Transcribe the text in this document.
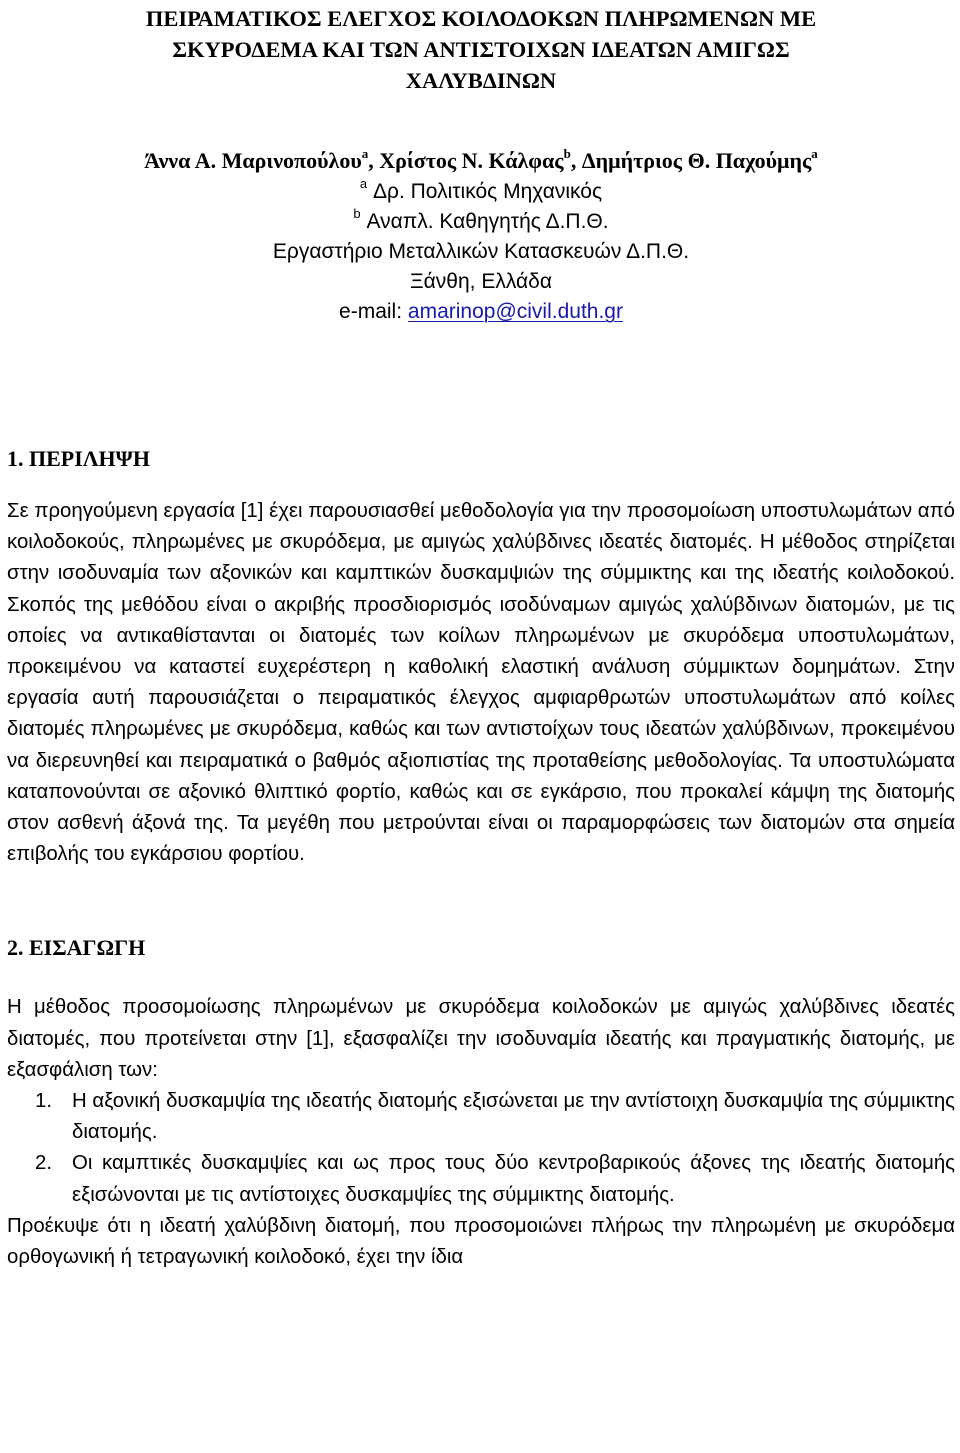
ΠΕΙΡΑΜΑΤΙΚΟΣ ΕΛΕΓΧΟΣ ΚΟΙΛΟΔΟΚΩΝ ΠΛΗΡΩΜΕΝΩΝ ΜΕ
ΣΚΥΡΟΔΕΜΑ ΚΑΙ ΤΩΝ ΑΝΤΙΣΤΟΙΧΩΝ ΙΔΕΑΤΩΝ ΑΜΙΓΩΣ
ΧΑΛΥΒΔΙΝΩΝ
Άννα Α. Μαρινοπούλου$^a$, Χρίστος Ν. Κάλφας$^b$, Δημήτριος Θ. Παχούμης$^a$
$^a$ Δρ. Πολιτικός Μηχανικός
$^b$ Αναπλ. Καθηγητής Δ.Π.Θ.
Εργαστήριο Μεταλλικών Κατασκευών Δ.Π.Θ.
Ξάνθη, Ελλάδα
e-mail: amarinop@civil.duth.gr
1. ΠΕΡΙΛΗΨΗ

Σε προηγούμενη εργασία [1] έχει παρουσιασθεί μεθοδολογία για την προσομοίωση υποστυλωμάτων από κοιλοδοκούς, πληρωμένες με σκυρόδεμα, με αμιγώς χαλύβδινες ιδεατές διατομές. Η μέθοδος στηρίζεται στην ισοδυναμία των αξονικών και καμπτικών δυσκαμψιών της σύμμικτης και της ιδεατής κοιλοδοκού. Σκοπός της μεθόδου είναι ο ακριβής προσδιορισμός ισοδύναμων αμιγώς χαλύβδινων διατομών, με τις οποίες να αντικαθίστανται οι διατομές των κοίλων πληρωμένων με σκυρόδεμα υποστυλωμάτων, προκειμένου να καταστεί ευχερέστερη η καθολική ελαστική ανάλυση σύμμικτων δομημάτων. Στην εργασία αυτή παρουσιάζεται ο πειραματικός έλεγχος αμφιαρθρωτών υποστυλωμάτων από κοίλες διατομές πληρωμένες με σκυρόδεμα, καθώς και των αντιστοίχων τους ιδεατών χαλύβδινων, προκειμένου να διερευνηθεί και πειραματικά ο βαθμός αξιοπιστίας της προταθείσης μεθοδολογίας. Τα υποστυλώματα καταπονούνται σε αξονικό θλιπτικό φορτίο, καθώς και σε εγκάρσιο, που προκαλεί κάμψη της διατομής στον ασθενή άξονά της. Τα μεγέθη που μετρούνται είναι οι παραμορφώσεις των διατομών στα σημεία επιβολής του εγκάρσιου φορτίου.

2. ΕΙΣΑΓΩΓΗ

Η μέθοδος προσομοίωσης πληρωμένων με σκυρόδεμα κοιλοδοκών με αμιγώς χαλύβδινες ιδεατές διατομές, που προτείνεται στην [1], εξασφαλίζει την ισοδυναμία ιδεατής και πραγματικής διατομής, με εξασφάλιση των:

1. Η αξονική δυσκαμψία της ιδεατής διατομής εξισώνεται με την αντίστοιχη δυσκαμψία της σύμμικτης διατομής.
2. Οι καμπτικές δυσκαμψίες και ως προς τους δύο κεντροβαρικούς άξονες της ιδεατής διατομής εξισώνονται με τις αντίστοιχες δυσκαμψίες της σύμμικτης διατομής.

Προέκυψε ότι η ιδεατή χαλύβδινη διατομή, που προσομοιώνει πλήρως την πληρωμένη με σκυρόδεμα ορθογωνική ή τετραγωνική κοιλοδοκό, έχει την ίδια
